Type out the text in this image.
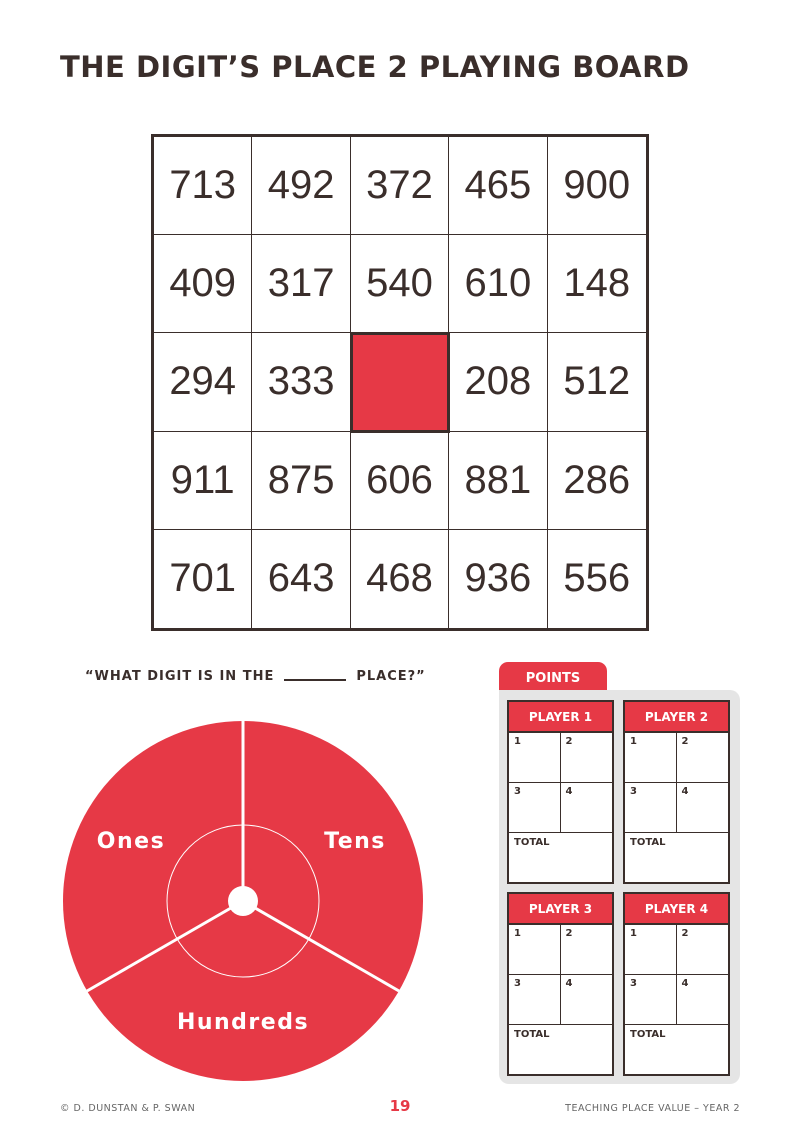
THE DIGIT’S PLACE 2 PLAYING BOARD
713 492 372 465 900
409 317 540 610 148
294 333	208 512
911 875 606 881 286
701 643 468 936 556
“WHAT DIGIT IS IN THE	PLACE?”
Ones	Tens
Hundreds
POINTS
PLAYER 1
1	2
3	4
TOTAL
PLAYER 2
1	2
3	4
TOTAL
PLAYER 3
1	2
3	4
TOTAL
PLAYER 4
1	2
3	4
TOTAL
© D. DUNSTAN & P. SWAN	19	TEACHING PLACE VALUE – YEAR 2
